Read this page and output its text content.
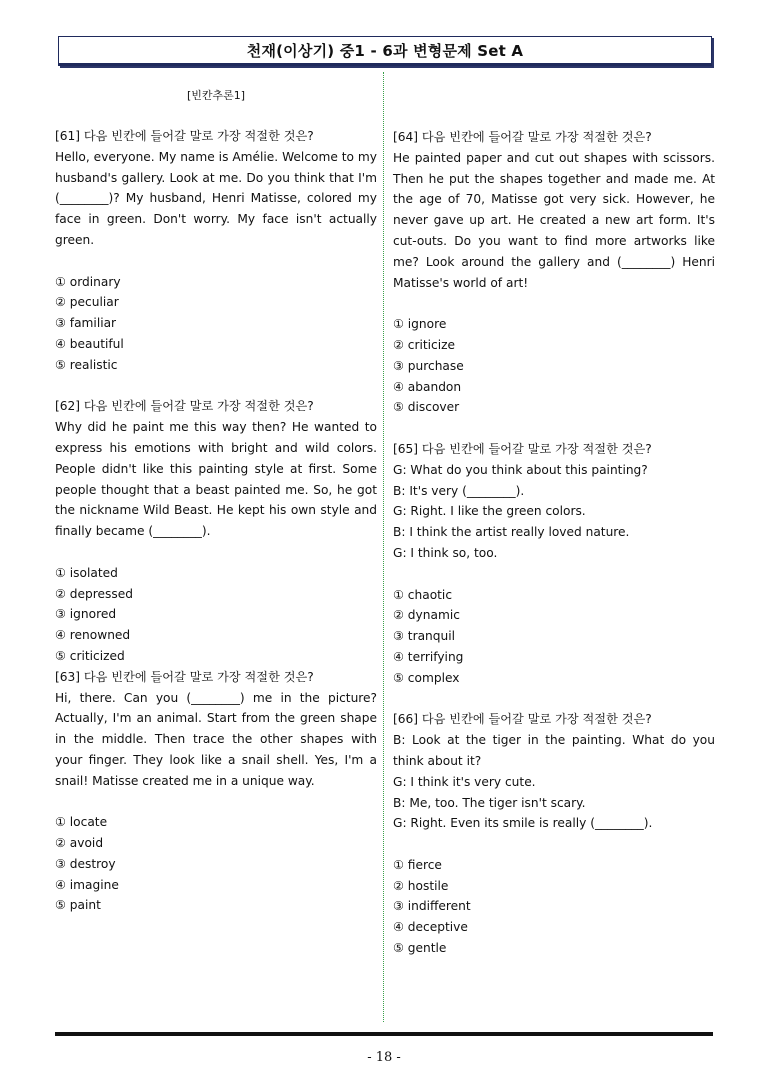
천재(이상기) 중1 - 6과 변형문제 Set A
[빈칸추론1]
[61] 다음 빈칸에 들어갈 말로 가장 적절한 것은?

Hello, everyone. My name is Amélie. Welcome to my husband's gallery. Look at me. Do you think that I'm (________)? My husband, Henri Matisse, colored my face in green. Don't worry. My face isn't actually green.

① ordinary
② peculiar
③ familiar
④ beautiful
⑤ realistic
[62] 다음 빈칸에 들어갈 말로 가장 적절한 것은?

Why did he paint me this way then? He wanted to express his emotions with bright and wild colors. People didn't like this painting style at first. Some people thought that a beast painted me. So, he got the nickname Wild Beast. He kept his own style and finally became (________).

① isolated
② depressed
③ ignored
④ renowned
⑤ criticized
[63] 다음 빈칸에 들어갈 말로 가장 적절한 것은?

Hi, there. Can you (________) me in the picture? Actually, I'm an animal. Start from the green shape in the middle. Then trace the other shapes with your finger. They look like a snail shell. Yes, I'm a snail! Matisse created me in a unique way.

① locate
② avoid
③ destroy
④ imagine
⑤ paint
[64] 다음 빈칸에 들어갈 말로 가장 적절한 것은?

He painted paper and cut out shapes with scissors. Then he put the shapes together and made me. At the age of 70, Matisse got very sick. However, he never gave up art. He created a new art form. It's cut-outs. Do you want to find more artworks like me? Look around the gallery and (________) Henri Matisse's world of art!

① ignore
② criticize
③ purchase
④ abandon
⑤ discover
[65] 다음 빈칸에 들어갈 말로 가장 적절한 것은?

G: What do you think about this painting?

B: It's very (________).

G: Right. I like the green colors.

B: I think the artist really loved nature.

G: I think so, too.

① chaotic
② dynamic
③ tranquil
④ terrifying
⑤ complex
[66] 다음 빈칸에 들어갈 말로 가장 적절한 것은?

B: Look at the tiger in the painting. What do you think about it?

G: I think it's very cute.

B: Me, too. The tiger isn't scary.

G: Right. Even its smile is really (________).

① fierce
② hostile
③ indifferent
④ deceptive
⑤ gentle
- 18 -
